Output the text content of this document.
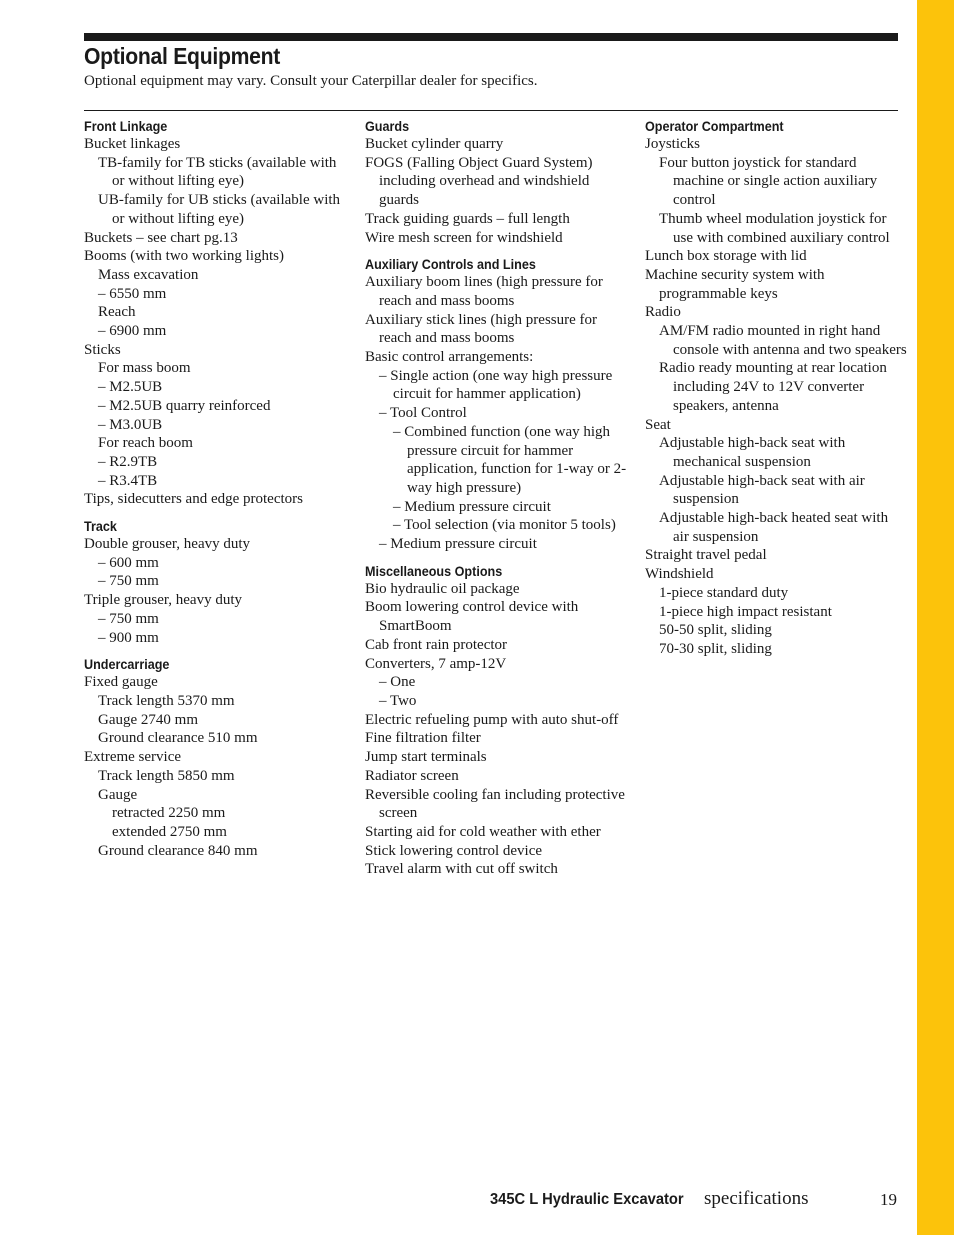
Optional Equipment

Optional equipment may vary. Consult your Caterpillar dealer for specifics.

Front Linkage
Bucket linkages
TB-family for TB sticks (available with or without lifting eye)
UB-family for UB sticks (available with or without lifting eye)
Buckets – see chart pg.13
Booms (with two working lights)
Mass excavation
– 6550 mm
Reach
– 6900 mm
Sticks
For mass boom
– M2.5UB
– M2.5UB quarry reinforced
– M3.0UB
For reach boom
– R2.9TB
– R3.4TB
Tips, sidecutters and edge protectors
Track
Double grouser, heavy duty
– 600 mm
– 750 mm
Triple grouser, heavy duty
– 750 mm
– 900 mm
Undercarriage
Fixed gauge
Track length 5370 mm
Gauge 2740 mm
Ground clearance 510 mm
Extreme service
Track length 5850 mm
Gauge
retracted 2250 mm
extended 2750 mm
Ground clearance 840 mm
Guards
Bucket cylinder quarry
FOGS (Falling Object Guard System) including overhead and windshield guards
Track guiding guards – full length
Wire mesh screen for windshield
Auxiliary Controls and Lines
Auxiliary boom lines (high pressure for reach and mass booms
Auxiliary stick lines (high pressure for reach and mass booms
Basic control arrangements:
– Single action (one way high pressure circuit for hammer application)
– Tool Control
– Combined function (one way high pressure circuit for hammer application, function for 1-way or 2-way high pressure)
– Medium pressure circuit
– Tool selection (via monitor 5 tools)
– Medium pressure circuit
Miscellaneous Options
Bio hydraulic oil package
Boom lowering control device with SmartBoom
Cab front rain protector
Converters, 7 amp-12V
– One
– Two
Electric refueling pump with auto shut-off
Fine filtration filter
Jump start terminals
Radiator screen
Reversible cooling fan including protective screen
Starting aid for cold weather with ether
Stick lowering control device
Travel alarm with cut off switch
Operator Compartment
Joysticks
Four button joystick for standard machine or single action auxiliary control
Thumb wheel modulation joystick for use with combined auxiliary control
Lunch box storage with lid
Machine security system with programmable keys
Radio
AM/FM radio mounted in right hand console with antenna and two speakers
Radio ready mounting at rear location including 24V to 12V converter speakers, antenna
Seat
Adjustable high-back seat with mechanical suspension
Adjustable high-back seat with air suspension
Adjustable high-back heated seat with air suspension
Straight travel pedal
Windshield
1-piece standard duty
1-piece high impact resistant
50-50 split, sliding
70-30 split, sliding
345C L Hydraulic Excavator specifications	19
